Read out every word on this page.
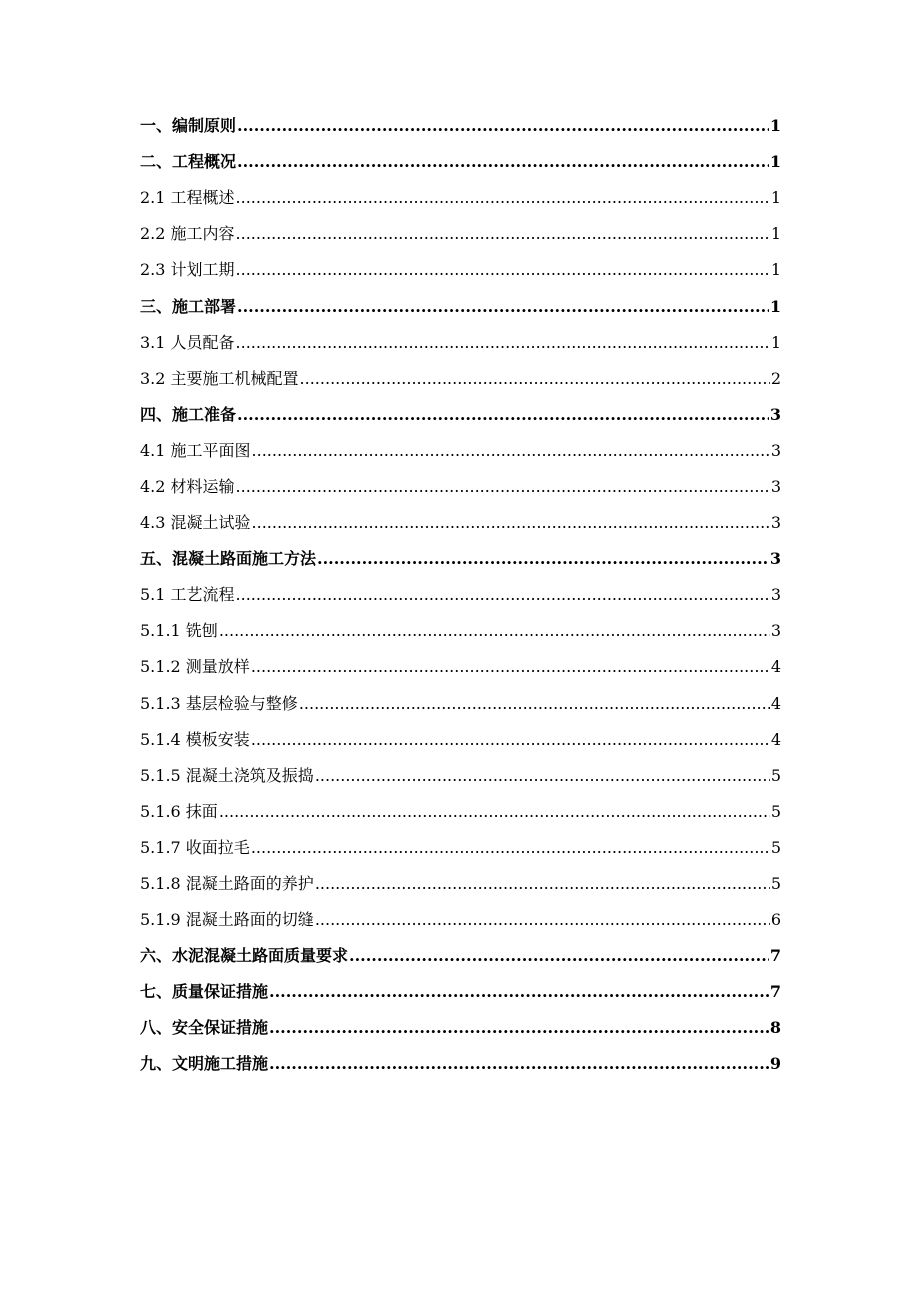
一、编制原则 .....	1
二、工程概况 .....	1
2.1 工程概述 .....	1
2.2 施工内容 .....	1
2.3 计划工期 .....	1
三、施工部署 .....	1
3.1 人员配备 .....	1
3.2 主要施工机械配置 .....	2
四、施工准备 .....	3
4.1 施工平面图 .....	3
4.2 材料运输 .....	3
4.3 混凝土试验 .....	3
五、混凝土路面施工方法 .....	3
5.1 工艺流程 .....	3
5.1.1 铣刨 .....	3
5.1.2 测量放样 .....	4
5.1.3 基层检验与整修 .....	4
5.1.4 模板安装 .....	4
5.1.5 混凝土浇筑及振捣 .....	5
5.1.6 抹面 .....	5
5.1.7 收面拉毛 .....	5
5.1.8 混凝土路面的养护 .....	5
5.1.9 混凝土路面的切缝 .....	6
六、水泥混凝土路面质量要求 .....	7
七、质量保证措施 .....	7
八、安全保证措施 .....	8
九、文明施工措施 .....	9
